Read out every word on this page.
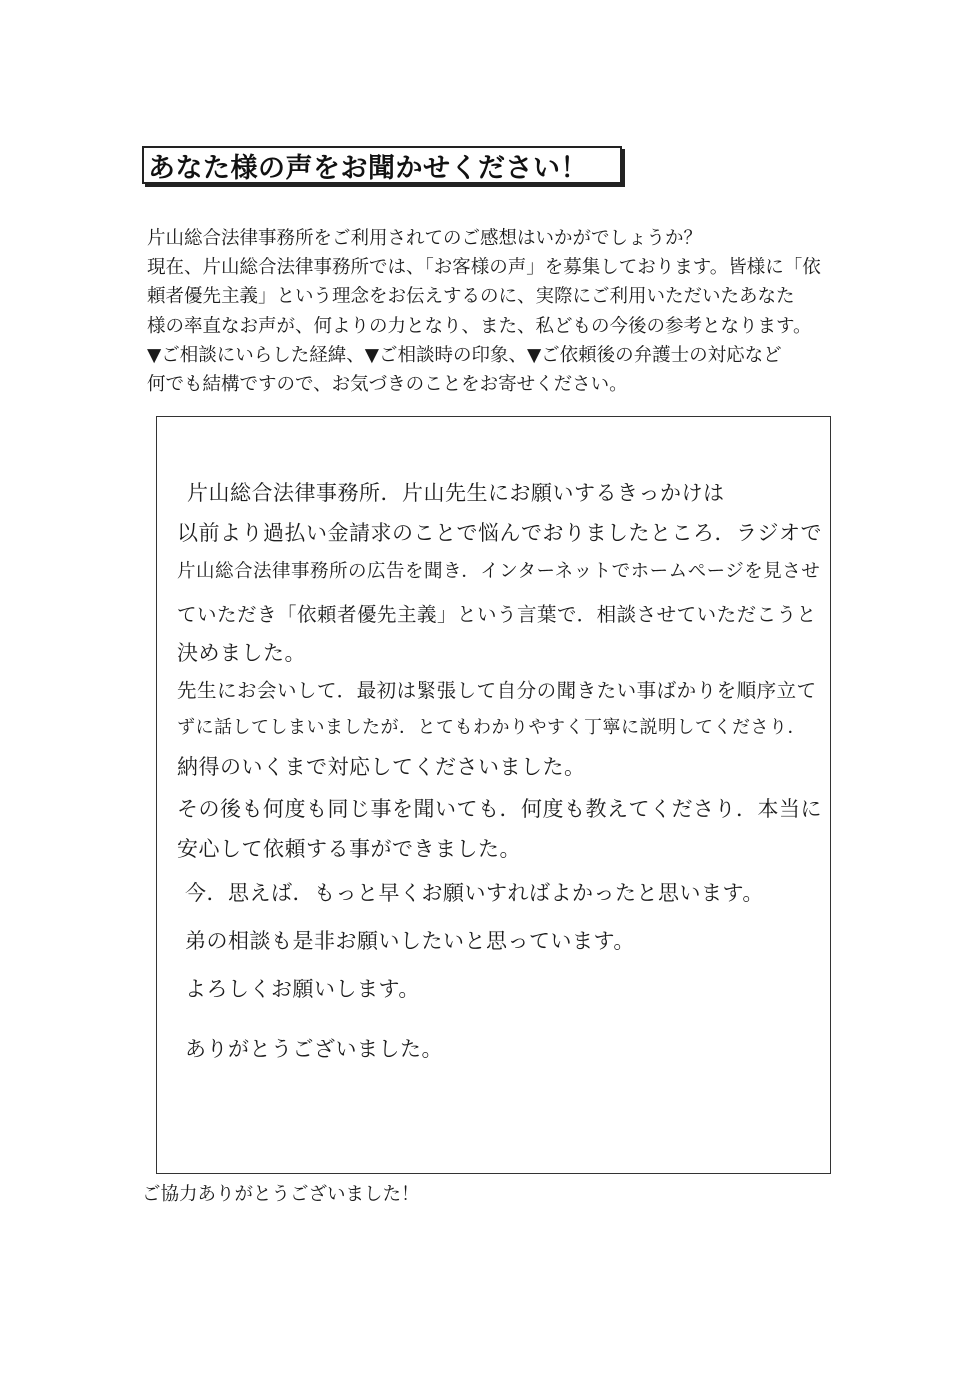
あなた様の声をお聞かせください！
片山総合法律事務所をご利用されてのご感想はいかがでしょうか？
現在、片山総合法律事務所では、「お客様の声」を募集しております。皆様に「依
頼者優先主義」という理念をお伝えするのに、実際にご利用いただいたあなた
様の率直なお声が、何よりの力となり、また、私どもの今後の参考となります。
▼ご相談にいらした経緯、▼ご相談時の印象、▼ご依頼後の弁護士の対応など
何でも結構ですので、お気づきのことをお寄せください。
片山総合法律事務所．片山先生にお願いするきっかけは
以前より過払い金請求のことで悩んでおりましたところ．ラジオで
片山総合法律事務所の広告を聞き．インターネットでホームページを見させ
ていただき「依頼者優先主義」という言葉で．相談させていただこうと
決めました。
先生にお会いして．最初は緊張して自分の聞きたい事ばかりを順序立て
ずに話してしまいましたが．とてもわかりやすく丁寧に説明してくださり．
納得のいくまで対応してくださいました。
その後も何度も同じ事を聞いても．何度も教えてくださり．本当に
安心して依頼する事ができました。
今．思えば．もっと早くお願いすればよかったと思います。
弟の相談も是非お願いしたいと思っています。
よろしくお願いします。
ありがとうございました。
ご協力ありがとうございました！
